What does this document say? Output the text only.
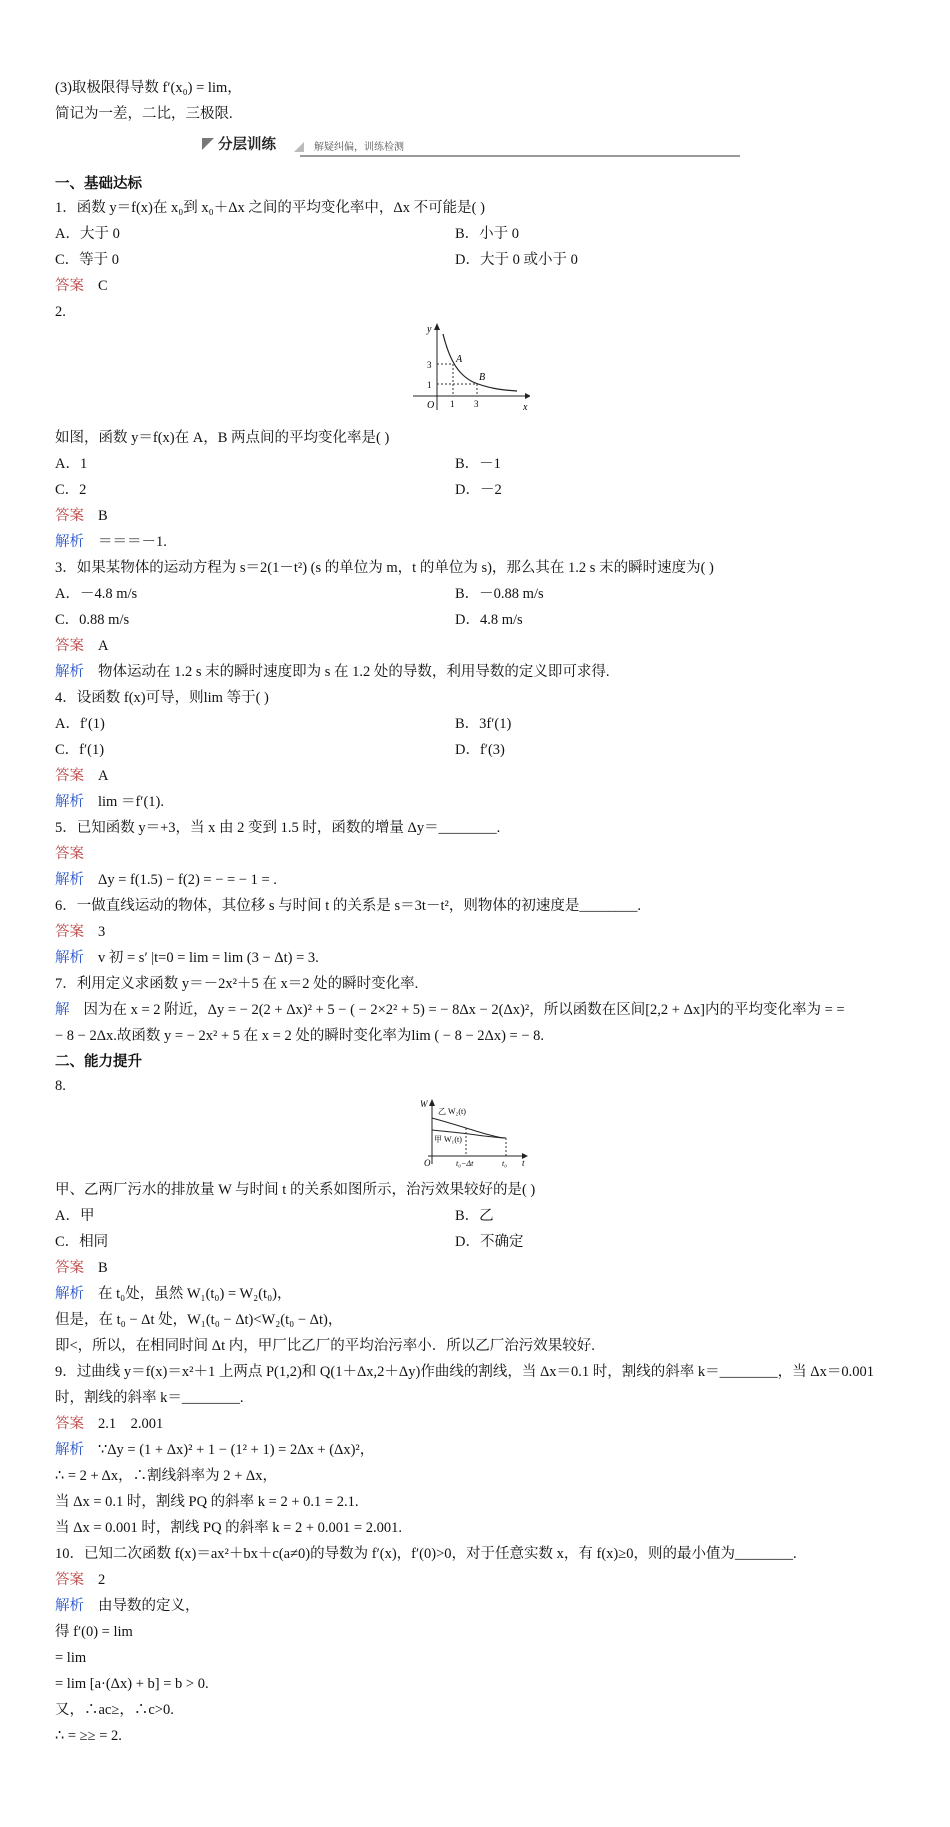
(3)取极限得导数 f′(x₀) = lim，
简记为一差，二比，三极限.
分层训练	解疑纠偏，训练检测
一、基础达标
1．函数 y＝f(x)在 x₀到 x₀＋Δx 之间的平均变化率中，Δx 不可能是( )
A．大于 0	B．小于 0
C．等于 0	D．大于 0 或小于 0
答案 C
2.
y
x
O
3
1
1 3
A
B
如图，函数 y＝f(x)在 A，B 两点间的平均变化率是( )
A．1	B．－1
C．2	D．－2
答案 B
解析 ＝＝＝－1.
3．如果某物体的运动方程为 s＝2(1－t²) (s 的单位为 m，t 的单位为 s)，那么其在 1.2 s 末的瞬时速度为( )
A．－4.8 m/s	B．－0.88 m/s
C．0.88 m/s	D．4.8 m/s
答案 A
解析 物体运动在 1.2 s 末的瞬时速度即为 s 在 1.2 处的导数，利用导数的定义即可求得.
4．设函数 f(x)可导，则lim 等于( )
A．f′(1)	B．3f′(1)
C．f′(1)	D．f′(3)
答案 A
解析 lim ＝f′(1).
5．已知函数 y＝+3，当 x 由 2 变到 1.5 时，函数的增量 Δy＝________.
答案
解析 Δy = f(1.5) − f(2) = − = − 1 = .
6．一做直线运动的物体，其位移 s 与时间 t 的关系是 s＝3t－t²，则物体的初速度是________.
答案 3
解析 v 初 = s′ |t=0 = lim = lim (3 − Δt) = 3.
7．利用定义求函数 y＝－2x²＋5 在 x＝2 处的瞬时变化率.
解 因为在 x = 2 附近，Δy = − 2(2 + Δx)² + 5 − ( − 2×2² + 5) = − 8Δx − 2(Δx)²，所以函数在区间[2,2 + Δx]内的平均变化率为 = =
− 8 − 2Δx.故函数 y = − 2x² + 5 在 x = 2 处的瞬时变化率为lim ( − 8 − 2Δx) = − 8.
二、能力提升
8.
W
乙 W₂(t)
甲 W₁(t)
O	t₀−Δt	t₀ t
甲、乙两厂污水的排放量 W 与时间 t 的关系如图所示，治污效果较好的是( )
A．甲	B．乙
C．相同	D．不确定
答案 B
解析 在 t₀处，虽然 W₁(t₀) = W₂(t₀)，
但是，在 t₀ − Δt 处，W₁(t₀ − Δt)<W₂(t₀ − Δt)，
即<，所以，在相同时间 Δt 内，甲厂比乙厂的平均治污率小．所以乙厂治污效果较好.
9．过曲线 y＝f(x)＝x²＋1 上两点 P(1,2)和 Q(1＋Δx,2＋Δy)作曲线的割线，当 Δx＝0.1 时，割线的斜率 k＝________，当 Δx＝0.001
时，割线的斜率 k＝________.
答案 2.1    2.001
解析 ∵Δy = (1 + Δx)² + 1 − (1² + 1) = 2Δx + (Δx)²，
∴ = 2 + Δx，∴割线斜率为 2 + Δx，
当 Δx = 0.1 时，割线 PQ 的斜率 k = 2 + 0.1 = 2.1.
当 Δx = 0.001 时，割线 PQ 的斜率 k = 2 + 0.001 = 2.001.
10．已知二次函数 f(x)＝ax²＋bx＋c(a≠0)的导数为 f′(x)，f′(0)>0，对于任意实数 x，有 f(x)≥0，则的最小值为________.
答案 2
解析 由导数的定义，
得 f′(0) = lim
= lim
= lim [a·(Δx) + b] = b > 0.
又，∴ac≥，∴c>0.
∴ = ≥≥ = 2.
